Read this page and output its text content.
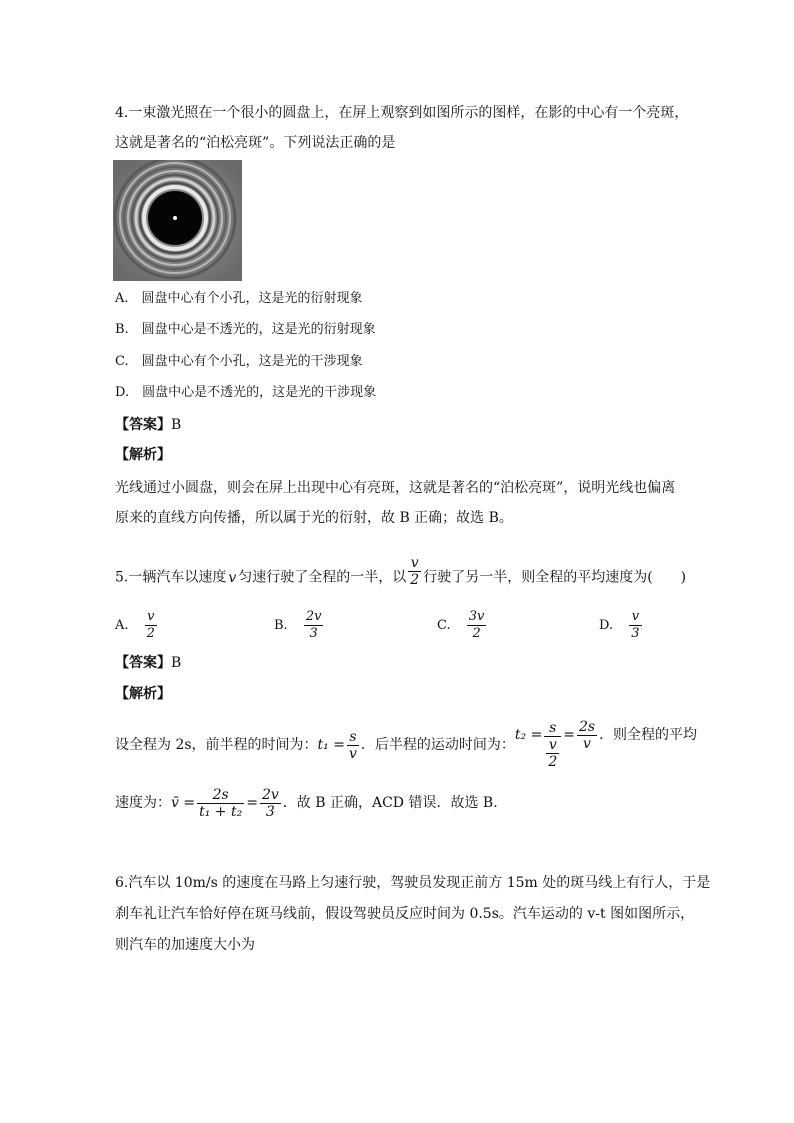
4.一束激光照在一个很小的圆盘上，在屏上观察到如图所示的图样，在影的中心有一个亮斑，
这就是著名的“泊松亮斑”。下列说法正确的是
A.　圆盘中心有个小孔，这是光的衍射现象
B.　圆盘中心是不透光的，这是光的衍射现象
C.　圆盘中心有个小孔，这是光的干涉现象
D.　圆盘中心是不透光的，这是光的干涉现象
【答案】B
【解析】
光线通过小圆盘，则会在屏上出现中心有亮斑，这就是著名的“泊松亮斑”，说明光线也偏离
原来的直线方向传播，所以属于光的衍射，故 B 正确；故选 B。
5.一辆汽车以速度 v 匀速行驶了全程的一半，以 $\frac{v}{2}$ 行驶了另一半，则全程的平均速度为(　　)
A. $\frac{v}{2}$	B. $\frac{2v}{3}$	C. $\frac{3v}{2}$	D. $\frac{v}{3}$
【答案】B
【解析】
设全程为 2s，前半程的时间为：$t_1 = \frac{s}{v}$ ．后半程的运动时间为：$t_2 = \frac{s}{\frac{v}{2}} = \frac{2s}{v}$ ．则全程的平均
速度为：v̄ = $\frac{2s}{\text{t₁ + t₂}} = \frac{2v}{3}$ ．故 B 正确，ACD 错误．故选 B.
6.汽车以 10m/s 的速度在马路上匀速行驶，驾驶员发现正前方 15m 处的斑马线上有行人，于是
刹车礼让汽车恰好停在斑马线前，假设驾驶员反应时间为 0.5s。汽车运动的 v-t 图如图所示，
则汽车的加速度大小为
